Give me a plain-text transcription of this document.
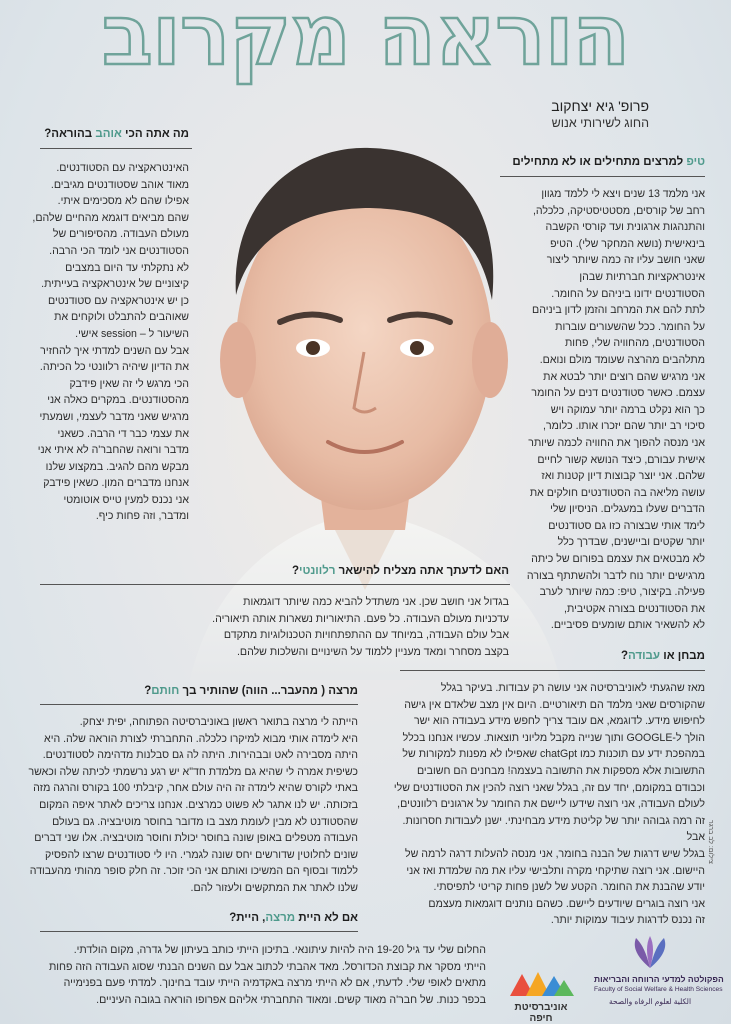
הוראה מקרוב
פרופ' גיא יצחקוב
החוג לשירותי אנוש
מה אתה הכי אוהב בהוראה?

האינטראקציה עם הסטודנטים.

מאוד אוהב שסטודנטים מגיבים.

אפילו שהם לא מסכימים איתי.

שהם מביאים דוגמא מהחיים שלהם,

מעולם העבודה. מהסיפורים של

הסטודנטים אני לומד הכי הרבה.

לא נתקלתי עד היום במצבים

קיצוניים של אינטראקציה בעייתית.

כן יש אינטראקציה עם סטודנטים

שאוהבים להתבלט ולוקחים את

השיעור ל – session אישי.

אבל עם השנים למדתי איך להחזיר

את הדיון שיהיה רלוונטי כל הכיתה.

הכי מרגש לי זה שאין פידבק

מהסטודנטים. במקרים כאלה אני

מרגיש שאני מדבר לעצמי, ושמעתי

את עצמי כבר די הרבה. כשאני

מדבר ורואה שהחבר'ה לא איתי אני

מבקש מהם להגיב. במקצוע שלנו

אנחנו מדברים המון. כשאין פידבק

אני נכנס למעין טייס אוטומטי

ומדבר, וזה פחות כיף.

טיפ למרצים מתחילים או לא מתחילים

אני מלמד 13 שנים ויצא לי ללמד מגוון

רחב של קורסים, מסטטיסטיקה, כלכלה,

והתנהגות ארגונית ועד קורסי הקשבה

בינאישית (נושא המחקר שלי). הטיפ

שאני חושב עליו זה כמה שיותר ליצור

אינטראקציות חברתיות שבהן

הסטודנטים ידונו ביניהם על החומר.

לתת להם את המרחב והזמן לדון ביניהם

על החומר. ככל שהשעורים עוברות

הסטודנטים, מהחוויה שלי, פחות

מתלהבים מהרצה שעומד מולם ונואם.

אני מרגיש שהם רוצים יותר לבטא את

עצמם. כאשר סטודנטים דנים על החומר

כך הוא נקלט ברמה יותר עמוקה ויש

סיכוי רב יותר שהם יזכרו אותו. כלומר,

אני מנסה להפוך את החוויה לכמה שיותר

אישית עבורם, כיצד הנושא קשור לחיים

שלהם. אני יוצר קבוצות דיון קטנות ואז

עושה מליאה בה הסטודנטים חולקים את

הדברים שעלו במעגלים. הניסיון שלי

לימד אותי שבצורה כזו גם סטודנטים

יותר שקטים וביישנים, שבדרך כלל

לא מבטאים את עצמם בפורום של כיתה

מרגישים יותר נוח לדבר ולהשתתף בצורה

פעילה. בקיצור, טיפ: כמה שיותר לערב

את הסטודנטים בצורה אקטיבית,

לא להשאיר אותם שומעים פסיביים.

האם לדעתך אתה מצליח להישאר רלוונטי?

בגדול אני חושב שכן. אני משתדל להביא כמה שיותר דוגמאות

עדכניות מעולם העבודה. כל פעם. התיאוריות נשארות אותה תיאוריה.

אבל עולם העבודה, במיוחד עם ההתפתחויות הטכנולוגיות מתקדם

בקצב מסחרר ומאד מעניין ללמוד על השינויים והשלכות שלהם.	מבחן או עבודה?

מאז שהגעתי לאוניברסיטה אני עושה רק עבודות. בעיקר בגלל

שהקורסים שאני מלמד הם תיאורטיים. היום אין מצב שלאדם אין גישה

לחיפוש מידע. לדוגמא, אם עובד צריך לחפש מידע בעבודה הוא ישר

הולך ל-GOOGLE ותוך שנייה מקבל מליוני תוצאות. עכשיו אנחנו בכלל

במהפכת ידע עם תוכנות כמו chatGpt שאפילו לא מפנות למקורות של

התשובות אלא מספקות את התשובה בעצמה! מבחנים הם חשובים

וכבודם במקומם, יחד עם זה, בגלל שאני רוצה להכין את הסטודנטים שלי

לעולם העבודה, אני רוצה שידעו ליישם את החומר על ארגונים רלוונטים,

זה רמה גבוהה יותר של קליטת מידע מבחינתי. ישנן לעבודות חסרונות. אבל

בגלל שיש דרגות של הבנה בחומר, אני מנסה להעלות דרגה לרמה של

היישום. אני רוצה שתיקחי מקרה ותלבישי עליו את מה שלמדת ואז אני

יודע שהבנת את החומר. הקטע של לשנן פחות קריטי לתפיסתי.

אני רוצה בוגרים שיודעים ליישם. כשהם נותנים דוגמאות מעצמם

זה נכנס לדרגות עיבוד עמוקות יותר.

מרצה ( מהעבר... הווה) שהותיר בך חותם?

הייתה לי מרצה בתואר ראשון באוניברסיטה הפתוחה, יפית יצחק.

היא לימדה אותי מבוא למיקרו כלכלה. התחברתי לצורת הוראה שלה. היא

היתה מסבירה לאט ובבהירות. היתה לה גם סבלנות מדהימה לסטודנטים.

כשיפית אמרה לי שהיא גם מלמדת חד"א יש רגע נרשמתי לכיתה שלה וכאשר

באתי לקורס שהיא לימדה זה היה עולם אחר, קיבלתי 100 בקורס והרגה מזה

בזכותה. יש לנו אתגר לא פשוט כמרצים. אנחנו צריכים לאתר איפה המקום

שהסטודנט לא מבין לעומת מצב בו מדובר בחוסר מוטיבציה. גם בעולם

העבודה מטפלים באופן שונה בחוסר יכולת וחוסר מוטיבציה. אלו שני דברים

שונים לחלוטין שדורשים יחס שונה לגמרי. היו לי סטודנטים שרצו להפסיק

ללמוד ובסוף הם המשיכו ואותם אני הכי זוכר. זה חלק סופר מהותי מהעבודה

שלנו לאתר את המתקשים ולעזור להם.

אם לא היית מרצה, היית?

החלום שלי עד גיל 19-20 היה להיות עיתונאי. בתיכון הייתי כותב בעיתון של גדרה, מקום הולדתי.

הייתי מסקר את קבוצת הכדורסל. מאד אהבתי לכתוב אבל עם השנים הבנתי שסוג העבודה הזה פחות

מתאים לאופי שלי. לדעתי, אם לא הייתי מרצה באקדמיה הייתי עובד בחינוך. למדתי פעם בפנימייה

בכפר כנות. של חבר'ה מאוד קשים. ומאוד התחברתי אליהם אפרופו הוראה בגובה העיניים.

צילום: לב ברגר
אוניברסיטת חיפה
הפקולטה למדעי הרווחה והבריאות
Faculty of Social Welfare & Health Sciences
الكلية لعلوم الرفاه والصحة
